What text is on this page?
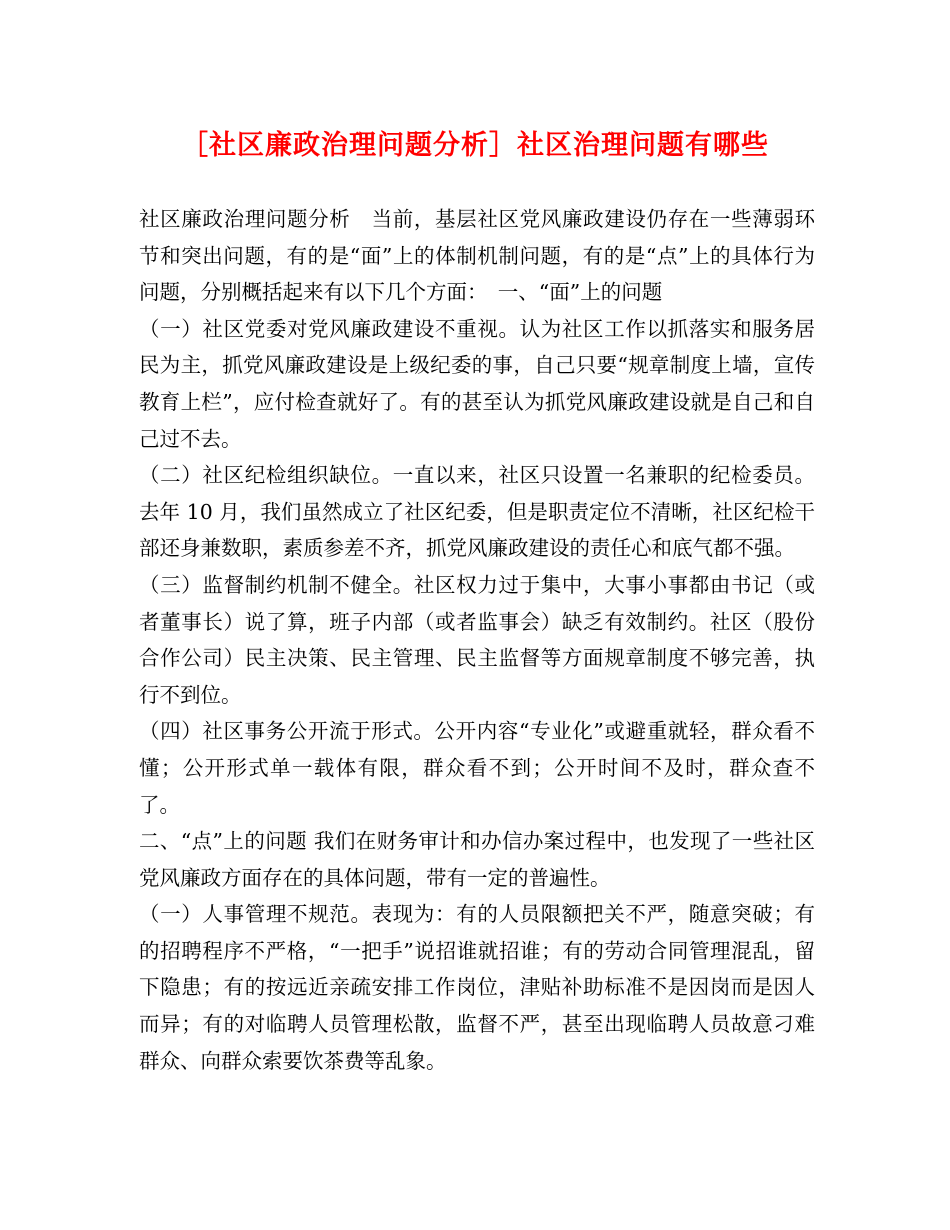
［社区廉政治理问题分析］社区治理问题有哪些

社区廉政治理问题分析　当前，基层社区党风廉政建设仍存在一些薄弱环节和突出问题，有的是“面”上的体制机制问题，有的是“点”上的具体行为问题，分别概括起来有以下几个方面：　一、“面”上的问题

（一）社区党委对党风廉政建设不重视。认为社区工作以抓落实和服务居民为主，抓党风廉政建设是上级纪委的事，自己只要“规章制度上墙，宣传教育上栏”，应付检查就好了。有的甚至认为抓党风廉政建设就是自己和自己过不去。

（二）社区纪检组织缺位。一直以来，社区只设置一名兼职的纪检委员。去年 10 月，我们虽然成立了社区纪委，但是职责定位不清晰，社区纪检干部还身兼数职，素质参差不齐，抓党风廉政建设的责任心和底气都不强。

（三）监督制约机制不健全。社区权力过于集中，大事小事都由书记（或者董事长）说了算，班子内部（或者监事会）缺乏有效制约。社区（股份合作公司）民主决策、民主管理、民主监督等方面规章制度不够完善，执行不到位。

（四）社区事务公开流于形式。公开内容“专业化”或避重就轻，群众看不懂；公开形式单一载体有限，群众看不到；公开时间不及时，群众查不了。

二、“点”上的问题 我们在财务审计和办信办案过程中，也发现了一些社区党风廉政方面存在的具体问题，带有一定的普遍性。

（一）人事管理不规范。表现为：有的人员限额把关不严，随意突破；有的招聘程序不严格，“一把手”说招谁就招谁；有的劳动合同管理混乱，留下隐患；有的按远近亲疏安排工作岗位，津贴补助标准不是因岗而是因人而异；有的对临聘人员管理松散，监督不严，甚至出现临聘人员故意刁难群众、向群众索要饮茶费等乱象。
